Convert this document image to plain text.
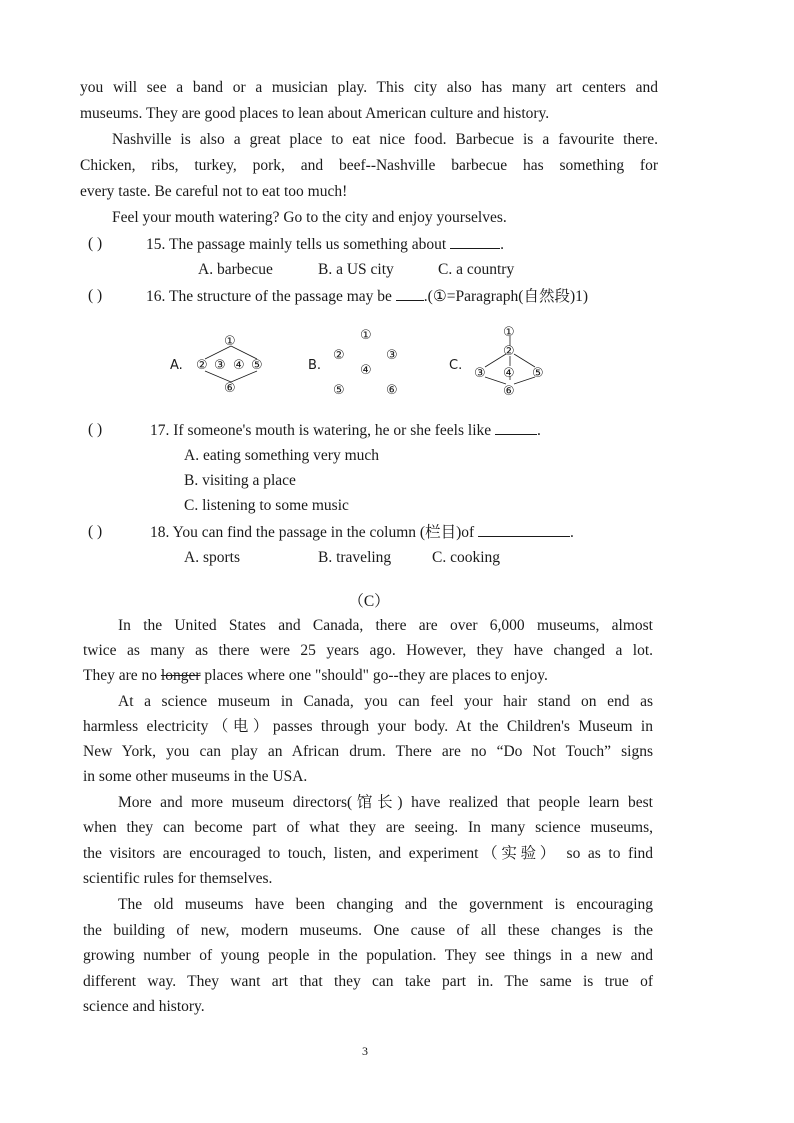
you will see a band or a musician play. This city also has many art centers and
museums. They are good places to lean about American culture and history.
Nashville is also a great place to eat nice food. Barbecue is a favourite there.
Chicken, ribs, turkey, pork, and beef--Nashville barbecue has something for
every taste. Be careful not to eat too much!
Feel your mouth watering? Go to the city and enjoy yourselves.
( )	15. The passage mainly tells us something about	.
A. barbecue	B. a US city	C. a country
( )	16. The structure of the passage may be .(①=Paragraph(自然段)1)
A.
①
② ③ ④ ⑤
⑥
B.
①
②	③
④
⑤	⑥
C.
①
②
③ ④ ⑤
⑥
( )	17. If someone's mouth is watering, he or she feels like	.
A. eating something very much
B. visiting a place
C. listening to some music
( )	18. You can find the passage in the column (栏目)of	.
A. sports	B. traveling	C. cooking
（C）
In the United States and Canada, there are over 6,000 museums, almost
twice as many as there were 25 years ago. However, they have changed a lot.
They are no longer places where one "should" go--they are places to enjoy.
At a science museum in Canada, you can feel your hair stand on end as
harmless electricity（电）passes through your body. At the Children's Museum in
New York, you can play an African drum. There are no “Do Not Touch” signs
in some other museums in the USA.
More and more museum directors(馆长) have realized that people learn best
when they can become part of what they are seeing. In many science museums,
the visitors are encouraged to touch, listen, and experiment（实验） so as to find
scientific rules for themselves.
The old museums have been changing and the government is encouraging
the building of new, modern museums. One cause of all these changes is the
growing number of young people in the population. They see things in a new and
different way. They want art that they can take part in. The same is true of
science and history.
3
